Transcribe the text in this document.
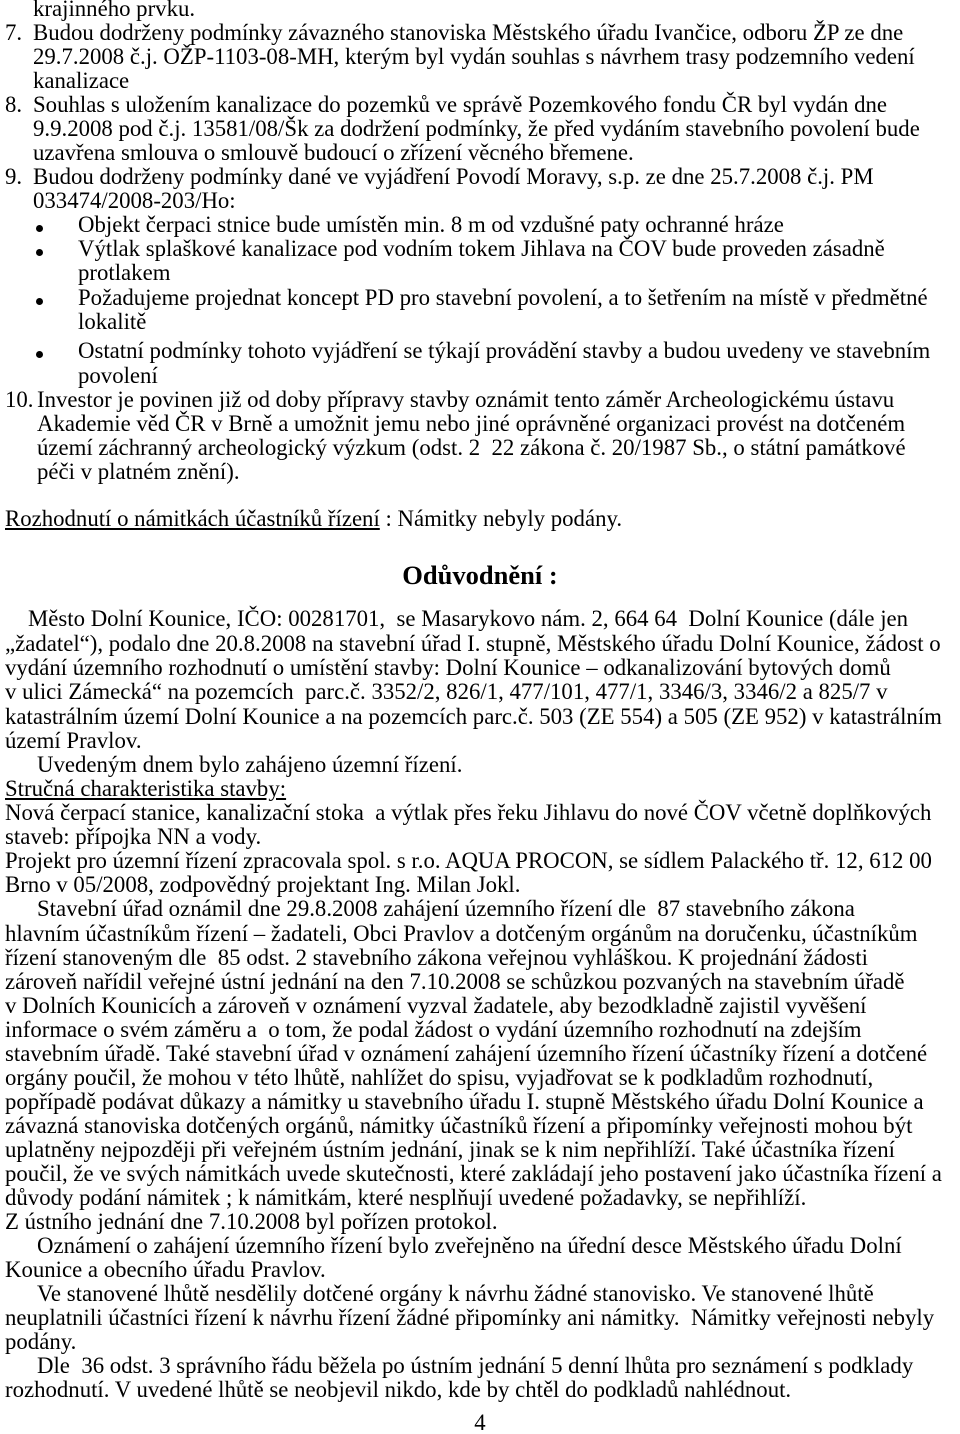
krajinného prvku.
7. Budou dodrženy podmínky závazného stanoviska Městského úřadu Ivančice, odboru ŽP ze dne
29.7.2008 č.j. OŽP-1103-08-MH, kterým byl vydán souhlas s návrhem trasy podzemního vedení
kanalizace
8. Souhlas s uložením kanalizace do pozemků ve správě Pozemkového fondu ČR byl vydán dne
9.9.2008 pod č.j. 13581/08/Šk za dodržení podmínky, že před vydáním stavebního povolení bude
uzavřena smlouva o smlouvě budoucí o zřízení věcného břemene.
9. Budou dodrženy podmínky dané ve vyjádření Povodí Moravy, s.p. ze dne 25.7.2008 č.j. PM
033474/2008-203/Ho:
Objekt čerpaci stnice bude umístěn min. 8 m od vzdušné paty ochranné hráze
Výtlak splaškové kanalizace pod vodním tokem Jihlava na ČOV bude proveden zásadně
protlakem
Požadujeme projednat koncept PD pro stavební povolení, a to šetřením na místě v předmětné
lokalitě
Ostatní podmínky tohoto vyjádření se týkají provádění stavby a budou uvedeny ve stavebním
povolení
10. Investor je povinen již od doby přípravy stavby oznámit tento záměr Archeologickému ústavu
Akademie věd ČR v Brně a umožnit jemu nebo jiné oprávněné organizaci provést na dotčeném
území záchranný archeologický výzkum (odst. 2  22 zákona č. 20/1987 Sb., o státní památkové
péči v platném znění).
Rozhodnutí o námitkách účastníků řízení : Námitky nebyly podány.
Odůvodnění :
Město Dolní Kounice, IČO: 00281701,  se Masarykovo nám. 2, 664 64  Dolní Kounice (dále jen
„žadatel“), podalo dne 20.8.2008 na stavební úřad I. stupně, Městského úřadu Dolní Kounice, žádost o
vydání územního rozhodnutí o umístění stavby: Dolní Kounice – odkanalizování bytových domů
v ulici Zámecká“ na pozemcích  parc.č. 3352/2, 826/1, 477/101, 477/1, 3346/3, 3346/2 a 825/7 v
katastrálním území Dolní Kounice a na pozemcích parc.č. 503 (ZE 554) a 505 (ZE 952) v katastrálním
území Pravlov.
Uvedeným dnem bylo zahájeno územní řízení.
Stručná charakteristika stavby:
Nová čerpací stanice, kanalizační stoka  a výtlak přes řeku Jihlavu do nové ČOV včetně doplňkových
staveb: přípojka NN a vody.
Projekt pro územní řízení zpracovala spol. s r.o. AQUA PROCON, se sídlem Palackého tř. 12, 612 00
Brno v 05/2008, zodpovědný projektant Ing. Milan Jokl.
Stavební úřad oznámil dne 29.8.2008 zahájení územního řízení dle  87 stavebního zákona
hlavním účastníkům řízení – žadateli, Obci Pravlov a dotčeným orgánům na doručenku, účastníkům
řízení stanoveným dle  85 odst. 2 stavebního zákona veřejnou vyhláškou. K projednání žádosti
zároveň nařídil veřejné ústní jednání na den 7.10.2008 se schůzkou pozvaných na stavebním úřadě
v Dolních Kounicích a zároveň v oznámení vyzval žadatele, aby bezodkladně zajistil vyvěšení
informace o svém záměru a  o tom, že podal žádost o vydání územního rozhodnutí na zdejším
stavebním úřadě. Také stavební úřad v oznámení zahájení územního řízení účastníky řízení a dotčené
orgány poučil, že mohou v této lhůtě, nahlížet do spisu, vyjadřovat se k podkladům rozhodnutí,
popřípadě podávat důkazy a námitky u stavebního úřadu I. stupně Městského úřadu Dolní Kounice a
závazná stanoviska dotčených orgánů, námitky účastníků řízení a připomínky veřejnosti mohou být
uplatněny nejpozději při veřejném ústním jednání, jinak se k nim nepřihlíží. Také účastníka řízení
poučil, že ve svých námitkách uvede skutečnosti, které zakládají jeho postavení jako účastníka řízení a
důvody podání námitek ; k námitkám, které nesplňují uvedené požadavky, se nepřihlíží.
Z ústního jednání dne 7.10.2008 byl pořízen protokol.
Oznámení o zahájení územního řízení bylo zveřejněno na úřední desce Městského úřadu Dolní
Kounice a obecního úřadu Pravlov.
Ve stanovené lhůtě nesdělily dotčené orgány k návrhu žádné stanovisko. Ve stanovené lhůtě
neuplatnili účastníci řízení k návrhu řízení žádné připomínky ani námitky.  Námitky veřejnosti nebyly
podány.
Dle  36 odst. 3 správního řádu běžela po ústním jednání 5 denní lhůta pro seznámení s podklady
rozhodnutí. V uvedené lhůtě se neobjevil nikdo, kde by chtěl do podkladů nahlédnout.
4
